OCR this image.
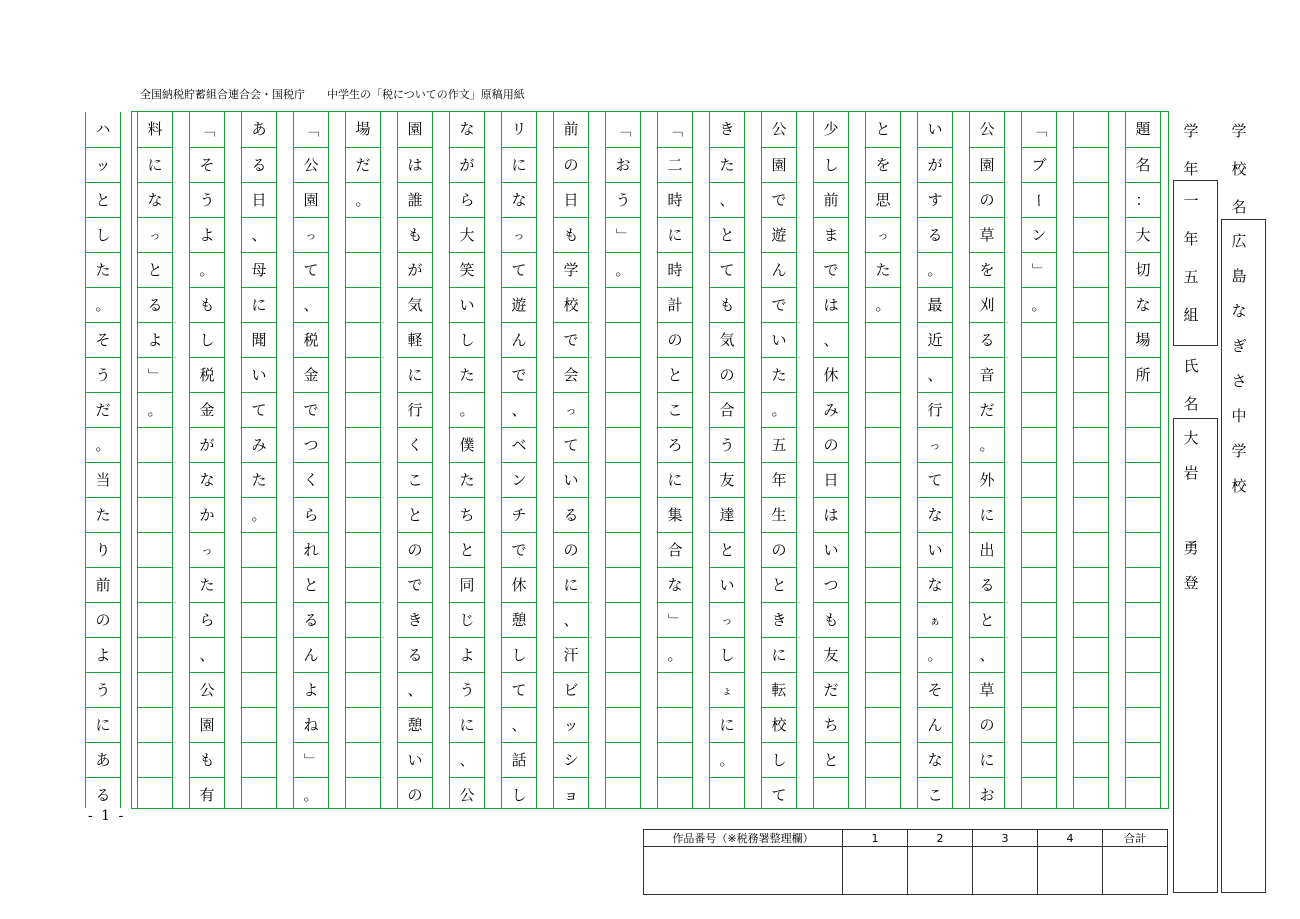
全国納税貯蓄組合連合会・国税庁　　 中学生の「税についての作文」原稿用紙
題
名
：
大
切
な
場
所
「
ブ
ー
ン
」
。
公
園
の
草
を
刈
る
音
だ
。
外
に
出
る
と
、
草
の
に
お
い
が
す
る
。
最
近
、
行
っ
て
な
い
な
ぁ
。
そ
ん
な
こ
と
を
思
っ
た
。
少
し
前
ま
で
は
、
休
み
の
日
は
い
つ
も
友
だ
ち
と
公
園
で
遊
ん
で
い
た
。
五
年
生
の
と
き
に
転
校
し
て
き
た
、
と
て
も
気
の
合
う
友
達
と
い
っ
し
ょ
に
。
「
二
時
に
時
計
の
と
こ
ろ
に
集
合
な
」
。
「
お
う
」
。
前
の
日
も
学
校
で
会
っ
て
い
る
の
に
、
汗
ビ
ッ
シ
ョ
リ
に
な
っ
て
遊
ん
で
、
ベ
ン
チ
で
休
憩
し
て
、
話
し
な
が
ら
大
笑
い
し
た
。
僕
た
ち
と
同
じ
よ
う
に
、
公
園
は
誰
も
が
気
軽
に
行
く
こ
と
の
で
き
る
、
憩
い
の
場
だ
。
「
公
園
っ
て
、
税
金
で
つ
く
ら
れ
と
る
ん
よ
ね
」
。
あ
る
日
、
母
に
聞
い
て
み
た
。
「
そ
う
よ
。
も
し
税
金
が
な
か
っ
た
ら
、
公
園
も
有
料
に
な
っ
と
る
よ
」
。
ハ
ッ
と
し
た
。
そ
う
だ
。
当
た
り
前
の
よ
う
に
あ
る
- 1 -
学
校
名
学
年
氏
名
広
島
な
ぎ
さ
中
学
校
一
年
五
組
大
岩
勇
登
作品番号（※税務署整理欄）	1	2	3	4	合計
